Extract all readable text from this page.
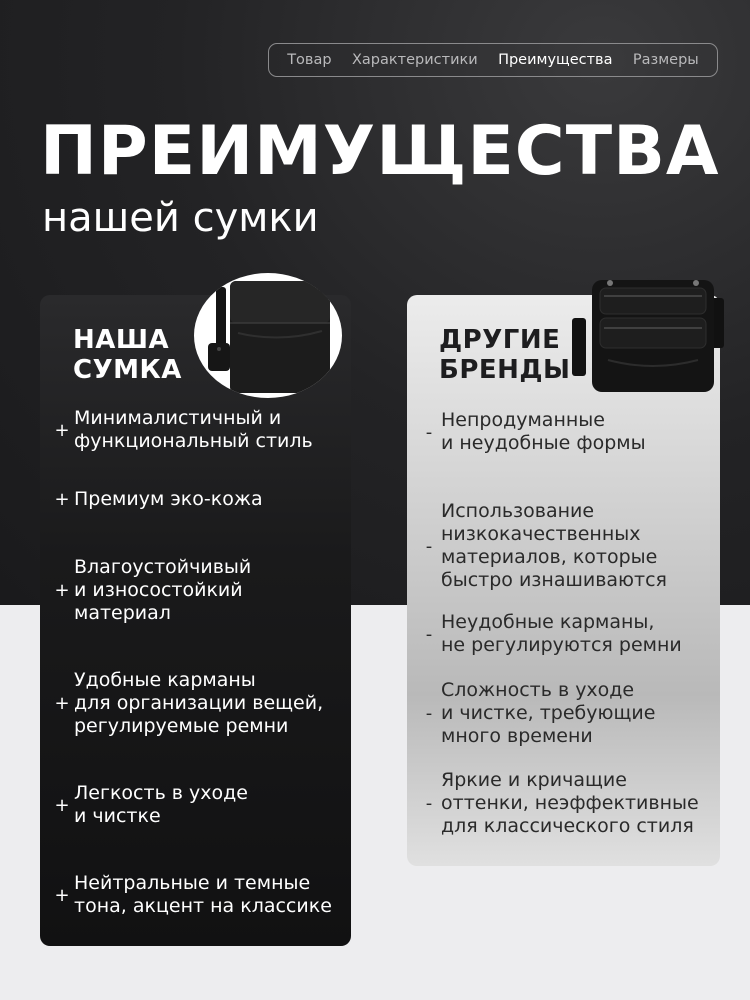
Товар Характеристики Преимущества Размеры
ПРЕИМУЩЕСТВА
нашей сумки
НАША
СУМКА
+
Минималистичный и
функциональный стиль
+ Премиум эко-кожа
+
Влагоустойчивый
и износостойкий
материал
+
Удобные карманы
для организации вещей,
регулируемые ремни
+
Легкость в уходе
и чистке
+
Нейтральные и темные
тона, акцент на классике
ДРУГИЕ
БРЕНДЫ
-
Непродуманные
и неудобные формы
-
Использование
низкокачественных
материалов, которые
быстро изнашиваются
-
Неудобные карманы,
не регулируются ремни
-
Сложность в уходе
и чистке, требующие
много времени
-
Яркие и кричащие
оттенки, неэффективные
для классического стиля
